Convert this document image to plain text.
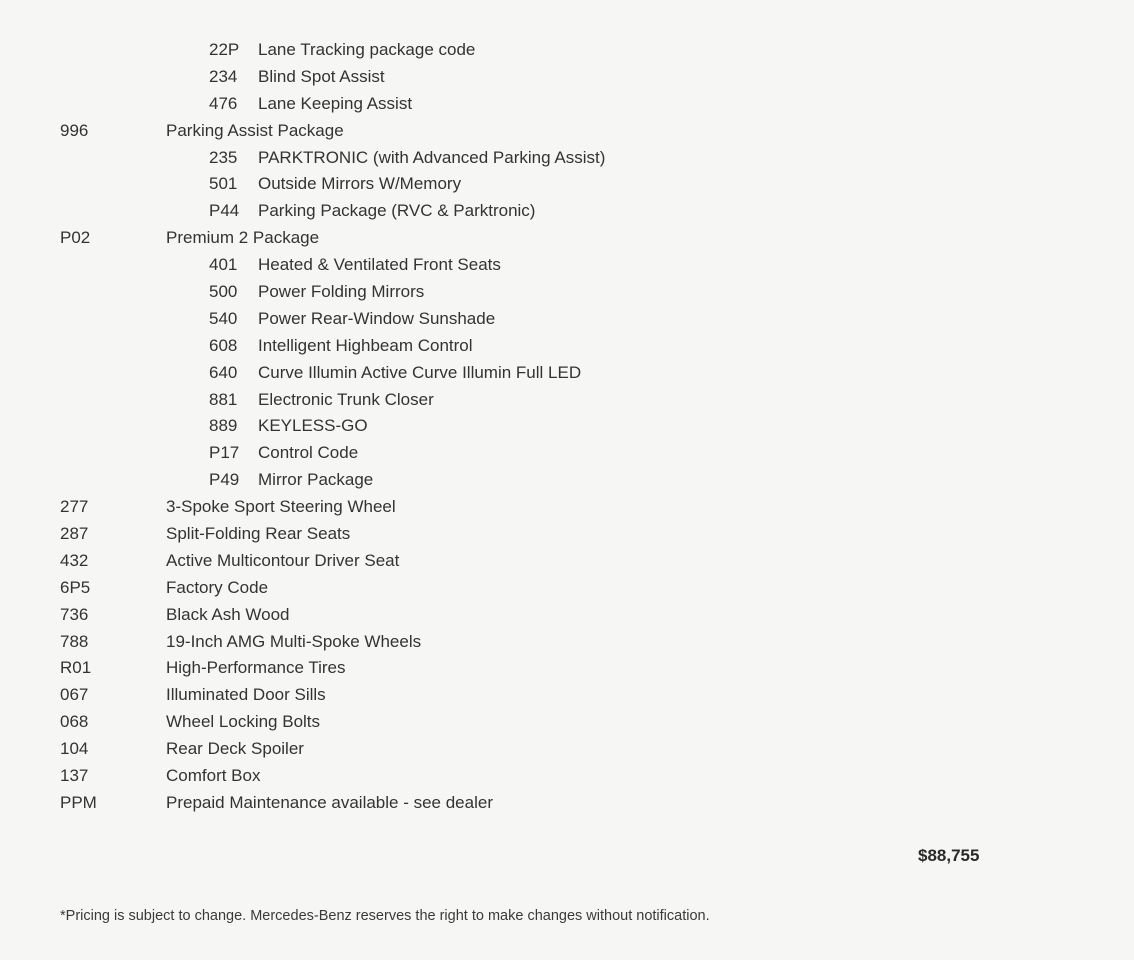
22P Lane Tracking package code
234 Blind Spot Assist
476 Lane Keeping Assist
996	Parking Assist Package
235 PARKTRONIC (with Advanced Parking Assist)
501 Outside Mirrors W/Memory
P44 Parking Package (RVC & Parktronic)
P02	Premium 2 Package
401 Heated & Ventilated Front Seats
500 Power Folding Mirrors
540 Power Rear-Window Sunshade
608 Intelligent Highbeam Control
640 Curve Illumin Active Curve Illumin Full LED
881 Electronic Trunk Closer
889 KEYLESS-GO
P17 Control Code
P49 Mirror Package
277	3-Spoke Sport Steering Wheel
287	Split-Folding Rear Seats
432	Active Multicontour Driver Seat
6P5	Factory Code
736	Black Ash Wood
788	19-Inch AMG Multi-Spoke Wheels
R01	High-Performance Tires
067	Illuminated Door Sills
068	Wheel Locking Bolts
104	Rear Deck Spoiler
137	Comfort Box
PPM	Prepaid Maintenance available - see dealer
$88,755
*Pricing is subject to change. Mercedes-Benz reserves the right to make changes without notification.
